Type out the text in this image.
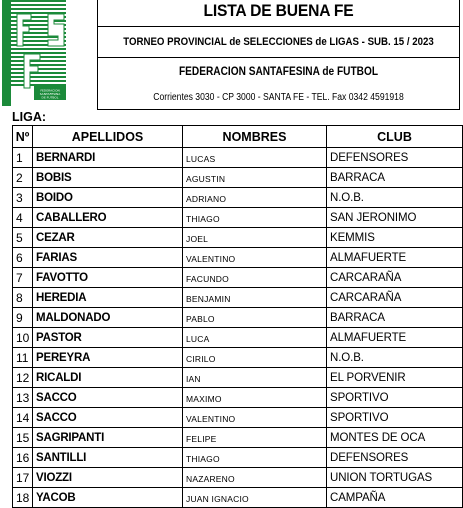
FEDERACION
SANTAFESINA
DE FUTBOL
LISTA DE BUENA FE
TORNEO PROVINCIAL de SELECCIONES de LIGAS - SUB. 15 / 2023
FEDERACION SANTAFESINA de FUTBOL
Corrientes 3030 - CP 3000 - SANTA FE - TEL. Fax 0342 4591918
LIGA:
Nº	APELLIDOS	NOMBRES	CLUB
1	BERNARDI	LUCAS	DEFENSORES
2	BOBIS	AGUSTIN	BARRACA
3	BOIDO	ADRIANO	N.O.B.
4	CABALLERO	THIAGO	SAN JERONIMO
5	CEZAR	JOEL	KEMMIS
6	FARIAS	VALENTINO	ALMAFUERTE
7	FAVOTTO	FACUNDO	CARCARAÑA
8	HEREDIA	BENJAMIN	CARCARAÑA
9	MALDONADO	PABLO	BARRACA
10	PASTOR	LUCA	ALMAFUERTE
11	PEREYRA	CIRILO	N.O.B.
12	RICALDI	IAN	EL PORVENIR
13	SACCO	MAXIMO	SPORTIVO
14	SACCO	VALENTINO	SPORTIVO
15	SAGRIPANTI	FELIPE	MONTES DE OCA
16	SANTILLI	THIAGO	DEFENSORES
17	VIOZZI	NAZARENO	UNION TORTUGAS
18	YACOB	JUAN IGNACIO	CAMPAÑA
